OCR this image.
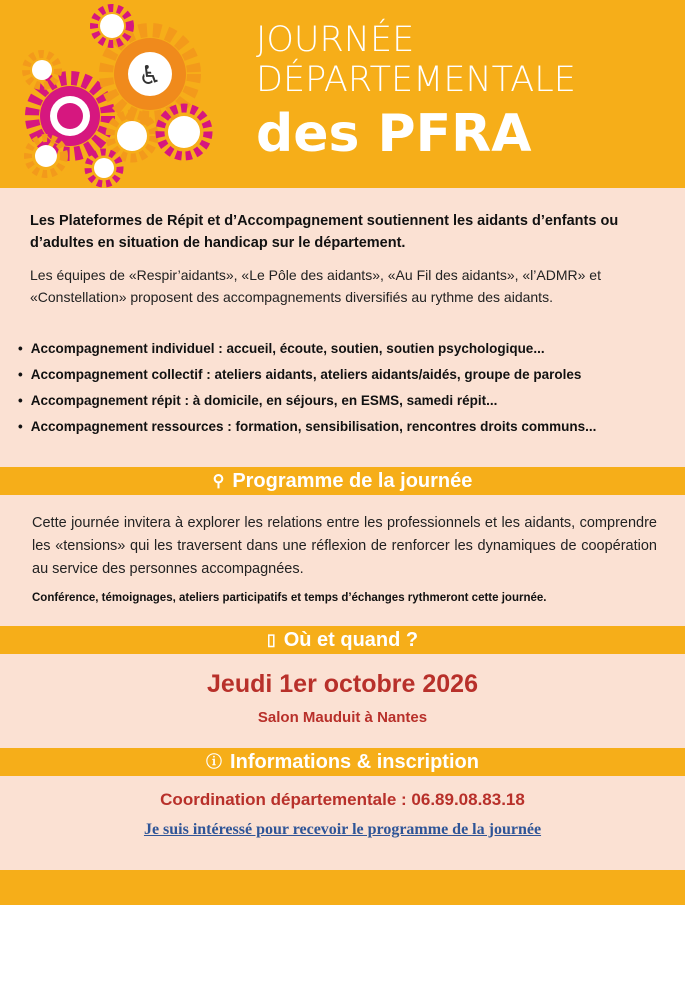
♿
JOURNÉE
DÉPARTEMENTALE
des PFRA
Les Plateformes de Répit et d’Accompagnement soutiennent les aidants d’enfants ou d’adultes en situation de handicap sur le département.
Les équipes de «Respir’aidants», «Le Pôle des aidants», «Au Fil des aidants», «l’ADMR» et «Constellation» proposent des accompagnements diversifiés au rythme des aidants.
• Accompagnement individuel : accueil, écoute, soutien, soutien psychologique...
• Accompagnement collectif : ateliers aidants, ateliers aidants/aidés, groupe de paroles
• Accompagnement répit : à domicile, en séjours, en ESMS, samedi répit...
• Accompagnement ressources : formation, sensibilisation, rencontres droits communs...
⚲ Programme de la journée
Cette journée invitera à explorer les relations entre les professionnels et les aidants, comprendre les «tensions» qui les traversent dans une réflexion de renforcer les dynamiques de coopération au service des personnes accompagnées.
Conférence, témoignages, ateliers participatifs et temps d’échanges rythmeront cette journée.
▯ Où et quand ?
Jeudi 1er octobre 2026
Salon Mauduit à Nantes
ⓘ Informations & inscription
Coordination départementale : 06.89.08.83.18
Je suis intéressé pour recevoir le programme de la journée
